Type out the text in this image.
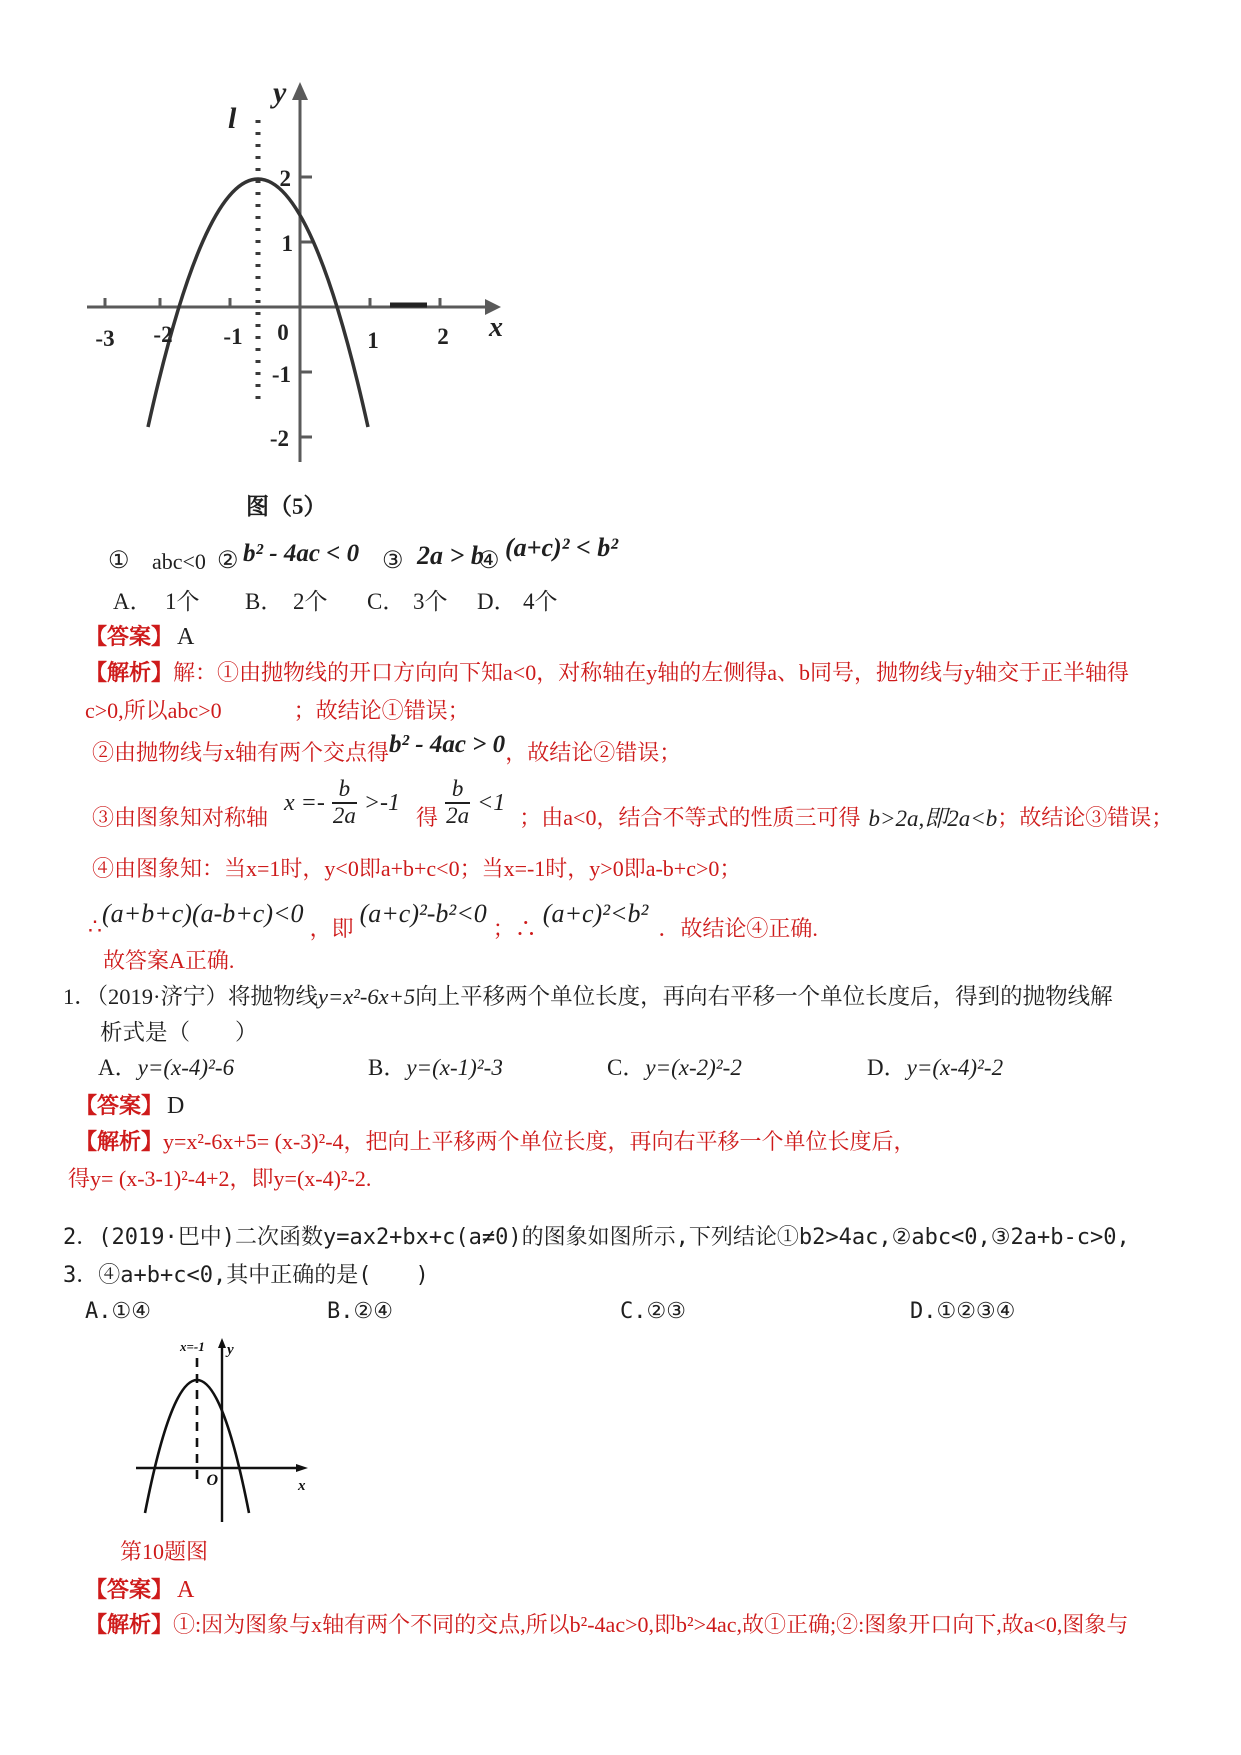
y
x
l
0
-3 -2 -1	1	2
2
1
-1
-2
图（5）
① abc<0 ② b² - 4ac < 0 ③ 2a > b
④ (a+c)² < b²
A． 1个 B． 2个 C． 3个 D． 4个
【答案】 A
【解析】解：①由抛物线的开口方向向下知a<0，对称轴在y轴的左侧得a、b同号，抛物线与y轴交于正半轴得
c>0,所以abc>0	；故结论①错误；
②由抛物线与x轴有两个交点得b² - 4ac > 0，故结论②错误；
③由图象知对称轴
$x =- \frac{b}{2a} >-1$
得 $\frac{b}{2a} <1$
；由a<0，结合不等式的性质三可得 b>2a,即2a<b ；故结论③错误；
④由图象知：当x=1时，y<0即a+b+c<0；当x=-1时，y>0即a-b+c>0；
∴ (a+b+c)(a-b+c)<0 ，即 (a+c)²-b²<0 ；∴ (a+c)²<b² ．故结论④正确.
故答案A正确.
1．（2019·济宁）将抛物线y=x²-6x+5向上平移两个单位长度，再向右平移一个单位长度后，得到的抛物线解
析式是（　　）
A．y=(x-4)²-6	B．y=(x-1)²-3	C．y=(x-2)²-2	D．y=(x-4)²-2
【答案】 D
【解析】y=x²-6x+5= (x-3)²-4，把向上平移两个单位长度，再向右平移一个单位长度后，
得y= (x-3-1)²-4+2，即y=(x-4)²-2.
2．(2019·巴中)二次函数y=ax2+bx+c(a≠0)的图象如图所示,下列结论①b2>4ac,②abc<0,③2a+b-c>0,
3．④a+b+c<0,其中正确的是(　　)
A.①④	B.②④	C.②③	D.①②③④
x=-1 y
O	x
第10题图
【答案】 A
【解析】①:因为图象与x轴有两个不同的交点,所以b²-4ac>0,即b²>4ac,故①正确;②:图象开口向下,故a<0,图象与
